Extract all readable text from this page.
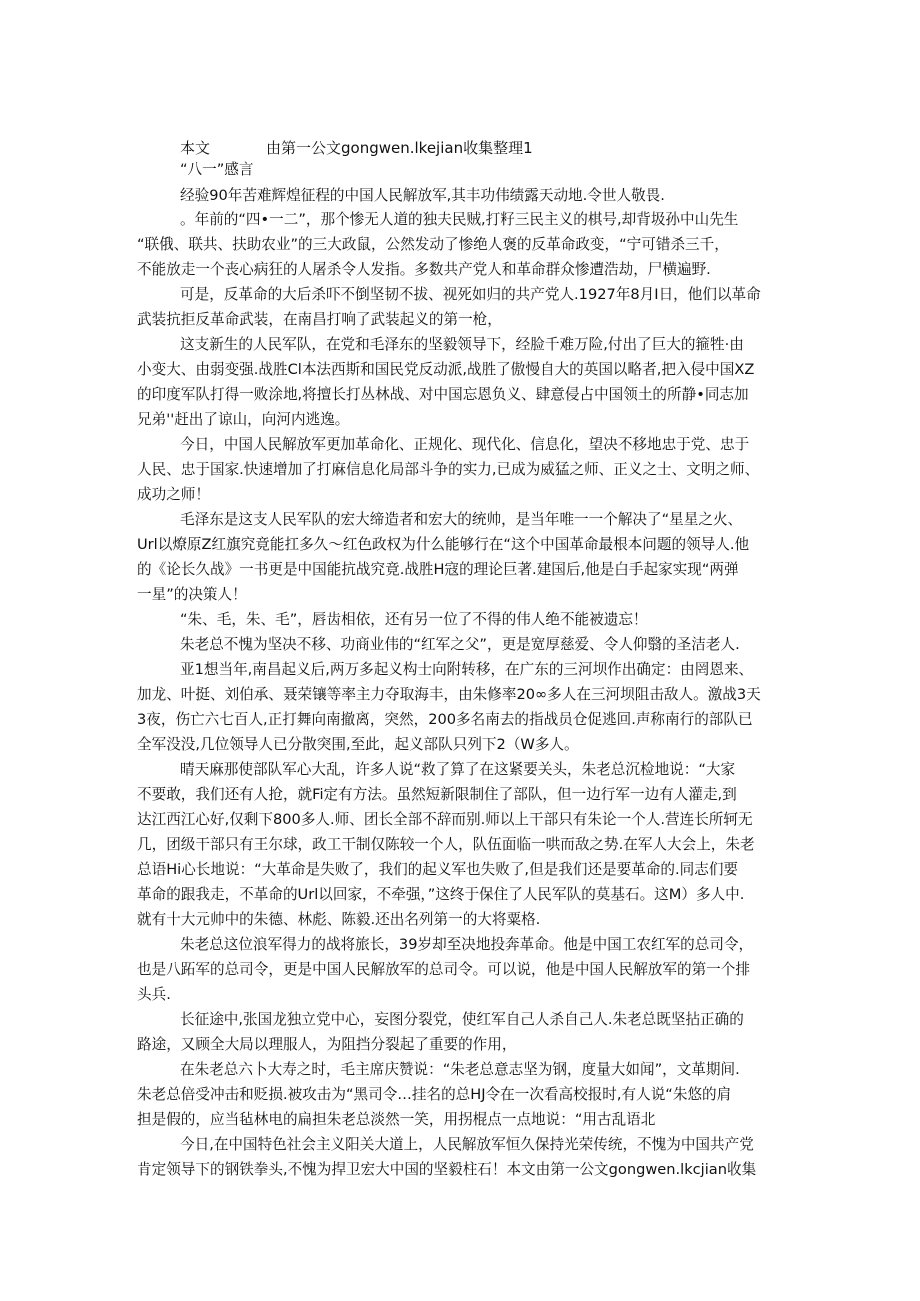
本文	由第一公文gongwen.lkejian收集整理1
“八一”感言
经验90年苦难辉煌征程的中国人民解放军,其丰功伟绩露天动地.令世人敬畏.
。年前的“四•一二”，那个惨无人道的独夫民贼,打籽三民主义的棋号,却背圾孙中山先生
“联俄、联共、扶助农业”的三大政鼠，公然发动了惨绝人褒的反革命政变，“宁可错杀三千，
不能放走一个丧心病狂的人屠杀令人发指。多数共产党人和革命群众惨遭浩劫，尸横遍野.
可是，反革命的大后杀吓不倒坚韧不拔、视死如归的共产党人.1927年8月I日，他们以革命
武装抗拒反革命武装，在南昌打响了武装起义的第一枪，
这支新生的人民军队，在党和毛泽东的坚毅领导下，经脸千难万险,付出了巨大的箍牲·由
小变大、由弱变强.战胜Cl本法西斯和国民党反动派,战胜了傲慢自大的英国以略者,把入侵中国XZ
的印度军队打得一败涂地,将擅长打丛林战、对中国忘恩负义、肆意侵占中国领土的所静•同志加
兄弟''赶出了谅山，向河内逃逸。
今日，中国人民解放军更加革命化、正规化、现代化、信息化，望决不移地忠于党、忠于
人民、忠于国家.快速增加了打麻信息化局部斗争的实力,已成为威猛之师、正义之士、文明之师、
成功之师！
毛泽东是这支人民军队的宏大缔造者和宏大的统帅，是当年唯一一个解决了“星星之火、
Url以燎原Z红旗究竟能扛多久〜红色政权为什么能够行在“这个中国革命最根本问题的领导人.他
的《论长久战》一书更是中国能抗战究竟.战胜H寇的理论巨著.建国后,他是白手起家实现“两弹
一星”的决策人！
“朱、毛，朱、毛”，唇齿相依，还有另一位了不得的伟人绝不能被遗忘！
朱老总不愧为坚决不移、功商业伟的“红军之父”，更是宽厚慈爱、令人仰翳的圣洁老人.
亚1想当年,南昌起义后,两万多起义构士向附转移，在广东的三河坝作出确定：由罔恩来、
加龙、叶挺、刘伯承、聂荣镶等率主力夺取海丰，由朱修率20∞多人在三河坝阻击敌人。激战3天
3夜，伤亡六七百人,正打舞向南撤离，突然，200多名南去的指战员仓促逃回.声称南行的部队已
全军没没,几位领导人已分散突围,至此，起义部队只列下2（W多人。
晴天麻那使部队军心大乱，许多人说“救了算了在这紧要关头，朱老总沉检地说：“大家
不要敢，我们还有人抢，就Fi定有方法。虽然短新限制住了部队，但一边行军一边有人灌走,到
达江西江心好,仅剩下800多人.师、团长全部不辞而别.师以上干部只有朱论一个人.营连长所轲无
几，团级干部只有王尔球，政工干制仅陈较一个人，队伍面临一哄而敌之势.在军人大会上，朱老
总语Hi心长地说：“大革命是失败了，我们的起义军也失败了,但是我们还是要革命的.同志们要
革命的跟我走，不革命的Url以回家，不牵强，”这终于保住了人民军队的莫基石。这M）多人中.
就有十大元帅中的朱德、林彪、陈毅.还出名列第一的大将粟格.
朱老总这位浪军得力的战将旅长，39岁却至决地投奔革命。他是中国工农红军的总司令，
也是八跖军的总司令，更是中国人民解放军的总司令。可以说，他是中国人民解放军的第一个排
头兵.
长征途中,张国龙独立党中心，妄图分裂党，使红军自己人杀自己人.朱老总既坚拈正确的
路途，又顾全大局以理服人，为阻挡分裂起了重要的作用，
在朱老总六卜大寿之时，毛主席庆赞说：“朱老总意志坚为钢，度量大如闻”，文革期间.
朱老总倍受冲击和贬损.被攻击为“黑司令…挂名的总HJ令在一次看高校报时,有人说“朱悠的肩
担是假的，应当毡林电的扁担朱老总淡然一笑，用拐棍点一点地说：“用古乱语北
今日,在中国特色社会主义阳关大道上，人民解放军恒久保持光荣传统，不愧为中国共产党
肯定领导下的钢铁拳头,不愧为捍卫宏大中国的坚毅柱石！本文由第一公文gongwen.lkcjian收集
